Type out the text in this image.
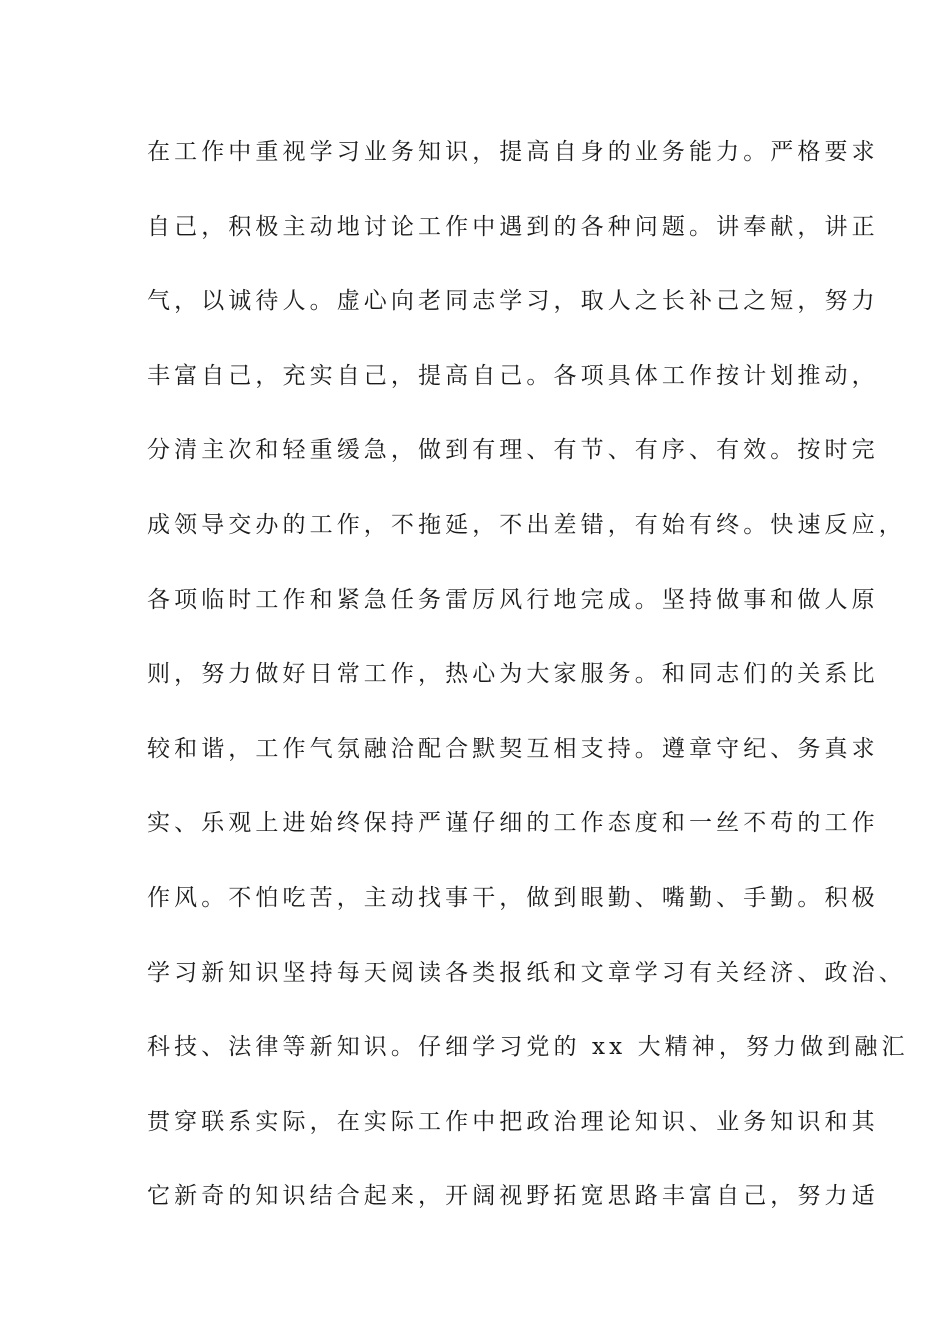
在工作中重视学习业务知识，提高自身的业务能力。严格要求
自己，积极主动地讨论工作中遇到的各种问题。讲奉献，讲正
气，以诚待人。虚心向老同志学习，取人之长补己之短，努力
丰富自己，充实自己，提高自己。各项具体工作按计划推动，
分清主次和轻重缓急，做到有理、有节、有序、有效。按时完
成领导交办的工作，不拖延，不出差错，有始有终。快速反应，
各项临时工作和紧急任务雷厉风行地完成。坚持做事和做人原
则，努力做好日常工作，热心为大家服务。和同志们的关系比
较和谐，工作气氛融洽配合默契互相支持。遵章守纪、务真求
实、乐观上进始终保持严谨仔细的工作态度和一丝不苟的工作
作风。不怕吃苦，主动找事干，做到眼勤、嘴勤、手勤。积极
学习新知识坚持每天阅读各类报纸和文章学习有关经济、政治、
科技、法律等新知识。仔细学习党的 xx 大精神，努力做到融汇
贯穿联系实际，在实际工作中把政治理论知识、业务知识和其
它新奇的知识结合起来，开阔视野拓宽思路丰富自己，努力适
